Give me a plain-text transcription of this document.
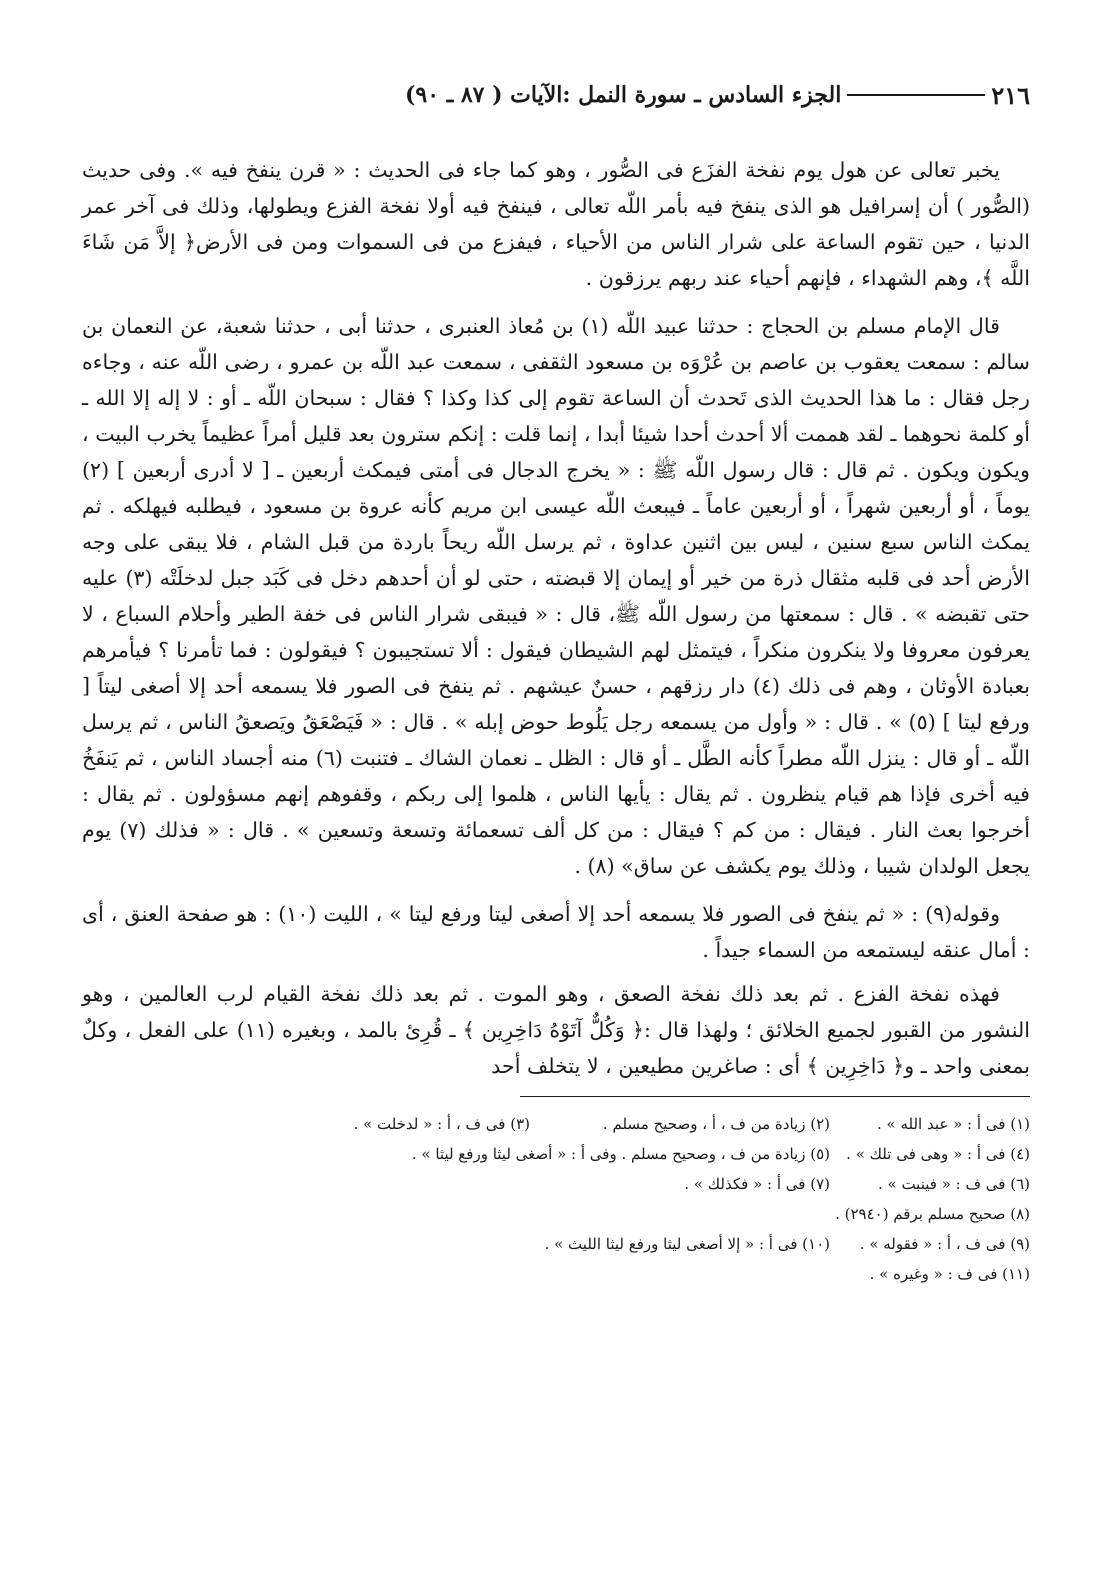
٢١٦
الجزء السادس ـ سورة النمل :الآيات ( ٨٧ ـ ٩٠)

يخبر تعالى عن هول يوم نفخة الفزَع فى الصُّور ، وهو كما جاء فى الحديث : « قرن ينفخ فيه ». وفى حديث (الصُّور ) أن إسرافيل هو الذى ينفخ فيه بأمر اللّه تعالى ، فينفخ فيه أولا نفخة الفزع ويطولها، وذلك فى آخر عمر الدنيا ، حين تقوم الساعة على شرار الناس من الأحياء ، فيفزع من فى السموات ومن فى الأرض﴿ إلاَّ مَن شَاءَ اللَّه ﴾، وهم الشهداء ، فإنهم أحياء عند ربهم يرزقون .

قال الإمام مسلم بن الحجاج : حدثنا عبيد اللّه (١) بن مُعاذ العنبرى ، حدثنا أبى ، حدثنا شعبة، عن النعمان بن سالم : سمعت يعقوب بن عاصم بن عُرْوَه بن مسعود الثقفى ، سمعت عبد اللّه بن عمرو ، رضى اللّه عنه ، وجاءه رجل فقال : ما هذا الحديث الذى تَحدث أن الساعة تقوم إلى كذا وكذا ؟ فقال : سبحان اللّه ـ أو : لا إله إلا الله ـ أو كلمة نحوهما ـ لقد هممت ألا أحدث أحدا شيئا أبدا ، إنما قلت : إنكم سترون بعد قليل أمراً عظيماً يخرب البيت ، ويكون ويكون . ثم قال : قال رسول اللّه ﷺ : « يخرج الدجال فى أمتى فيمكث أربعين ـ [ لا أدرى أربعين ] (٢) يوماً ، أو أربعين شهراً ، أو أربعين عاماً ـ فيبعث اللّه عيسى ابن مريم كأنه عروة بن مسعود ، فيطلبه فيهلكه . ثم يمكث الناس سبع سنين ، ليس بين اثنين عداوة ، ثم يرسل اللّه ريحاً باردة من قبل الشام ، فلا يبقى على وجه الأرض أحد فى قلبه مثقال ذرة من خير أو إيمان إلا قبضته ، حتى لو أن أحدهم دخل فى كَبَد جبل لدخلَتْه (٣) عليه حتى تقبضه » . قال : سمعتها من رسول اللّه ﷺ، قال : « فيبقى شرار الناس فى خفة الطير وأحلام السباع ، لا يعرفون معروفا ولا ينكرون منكراً ، فيتمثل لهم الشيطان فيقول : ألا تستجيبون ؟ فيقولون : فما تأمرنا ؟ فيأمرهم بعبادة الأوثان ، وهم فى ذلك (٤) دار رزقهم ، حسنٌ عيشهم . ثم ينفخ فى الصور فلا يسمعه أحد إلا أصغى ليتاً [ ورفع ليتا ] (٥) » . قال : « وأول من يسمعه رجل يَلُوط حوض إبله » . قال : « فَيَصْعَقُ ويَصعقُ الناس ، ثم يرسل اللّه ـ أو قال : ينزل اللّه مطراً كأنه الطَّل ـ أو قال : الظل ـ نعمان الشاك ـ فتنبت (٦) منه أجساد الناس ، ثم يَنفَخُ فيه أخرى فإذا هم قيام ينظرون . ثم يقال : يأيها الناس ، هلموا إلى ربكم ، وقفوهم إنهم مسؤولون . ثم يقال : أخرجوا بعث النار . فيقال : من كم ؟ فيقال : من كل ألف تسعمائة وتسعة وتسعين » . قال : « فذلك (٧) يوم يجعل الولدان شيبا ، وذلك يوم يكشف عن ساق» (٨) .

وقوله(٩) : « ثم ينفخ فى الصور فلا يسمعه أحد إلا أصغى ليتا ورفع ليتا » ، الليت (١٠) : هو صفحة العنق ، أى : أمال عنقه ليستمعه من السماء جيداً .

فهذه نفخة الفزع . ثم بعد ذلك نفخة الصعق ، وهو الموت . ثم بعد ذلك نفخة القيام لرب العالمين ، وهو النشور من القبور لجميع الخلائق ؛ ولهذا قال :﴿ وَكُلٌّ آتَوْهُ دَاخِرِين ﴾ ـ قُرِئ بالمد ، وبغيره (١١) على الفعل ، وكلٌ بمعنى واحد ـ و﴿ دَاخِرِين ﴾ أى : صاغرين مطيعين ، لا يتخلف أحد

(١) فى أ : « عبد الله » .
(٢) زيادة من ف ، أ ، وصحيح مسلم .
(٣) فى ف ، أ : « لدخلت » .
(٤) فى أ : « وهى فى تلك » .
(٥) زيادة من ف ، وصحيح مسلم . وفى أ : « أصغى ليثا ورفع ليثا » .
(٦) فى ف : « فينبت » .
(٧) فى أ : « فكذلك » .
(٨) صحيح مسلم برقم (٢٩٤٠) .
(٩) فى ف ، أ : « فقوله » .
(١٠) فى أ : « إلا أصغى ليثا ورفع ليثا الليث » .
(١١) فى ف : « وغيره » .
